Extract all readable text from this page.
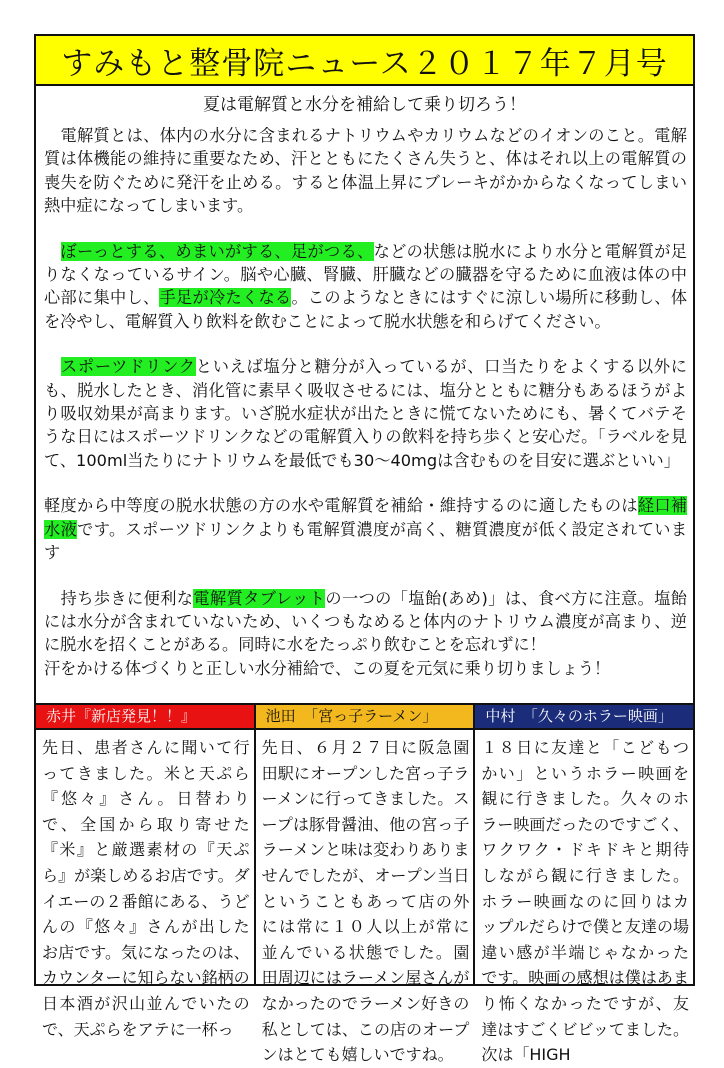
すみもと整骨院ニュース２０１７年７月号
夏は電解質と水分を補給して乗り切ろう！

　電解質とは、体内の水分に含まれるナトリウムやカリウムなどのイオンのこと。電解質は体機能の維持に重要なため、汗とともにたくさん失うと、体はそれ以上の電解質の喪失を防ぐために発汗を止める。すると体温上昇にブレーキがかからなくなってしまい熱中症になってしまいます。

　ぼーっとする、めまいがする、足がつる、などの状態は脱水により水分と電解質が足りなくなっているサイン。脳や心臓、腎臓、肝臓などの臓器を守るために血液は体の中心部に集中し、手足が冷たくなる。このようなときにはすぐに涼しい場所に移動し、体を冷やし、電解質入り飲料を飲むことによって脱水状態を和らげてください。

　スポーツドリンクといえば塩分と糖分が入っているが、口当たりをよくする以外にも、脱水したとき、消化管に素早く吸収させるには、塩分とともに糖分もあるほうがより吸収効果が高まります。いざ脱水症状が出たときに慌てないためにも、暑くてバテそうな日にはスポーツドリンクなどの電解質入りの飲料を持ち歩くと安心だ。「ラベルを見て、100ml当たりにナトリウムを最低でも30〜40mgは含むものを目安に選ぶといい」

軽度から中等度の脱水状態の方の水や電解質を補給・維持するのに適したものは経口補水液です。スポーツドリンクよりも電解質濃度が高く、糖質濃度が低く設定されています

　持ち歩きに便利な電解質タブレットの一つの「塩飴(あめ)」は、食べ方に注意。塩飴には水分が含まれていないため、いくつもなめると体内のナトリウム濃度が高まり、逆に脱水を招くことがある。同時に水をたっぷり飲むことを忘れずに！
汗をかける体づくりと正しい水分補給で、この夏を元気に乗り切りましょう！

赤井『新店発見！！』
先日、患者さんに聞いて行ってきました。米と天ぷら『悠々』さん。日替わりで、全国から取り寄せた『米』と厳選素材の『天ぷら』が楽しめるお店です。ダイエーの２番館にある、うどんの『悠々』さんが出したお店です。気になったのは、カウンターに知らない銘柄の日本酒が沢山並んでいたので、天ぷらをアテに一杯っ
池田　「宮っ子ラーメン」
先日、６月２７日に阪急園田駅にオープンした宮っ子ラーメンに行ってきました。スープは豚骨醤油、他の宮っ子ラーメンと味は変わりありませんでしたが、オープン当日ということもあって店の外には常に１０人以上が常に並んでいる状態でした。園田周辺にはラーメン屋さんがなかったのでラーメン好きの私としては、この店のオープンはとても嬉しいですね。
中村　「久々のホラー映画」
１８日に友達と「こどもつかい」というホラー映画を観に行きました。久々のホラー映画だったのですごく、ワクワク・ドキドキと期待しながら観に行きました。ホラー映画なのに回りはカップルだらけで僕と友達の場違い感が半端じゃなかったです。映画の感想は僕はあまり怖くなかったですが、友達はすごくビビッてました。次は「HIGH
